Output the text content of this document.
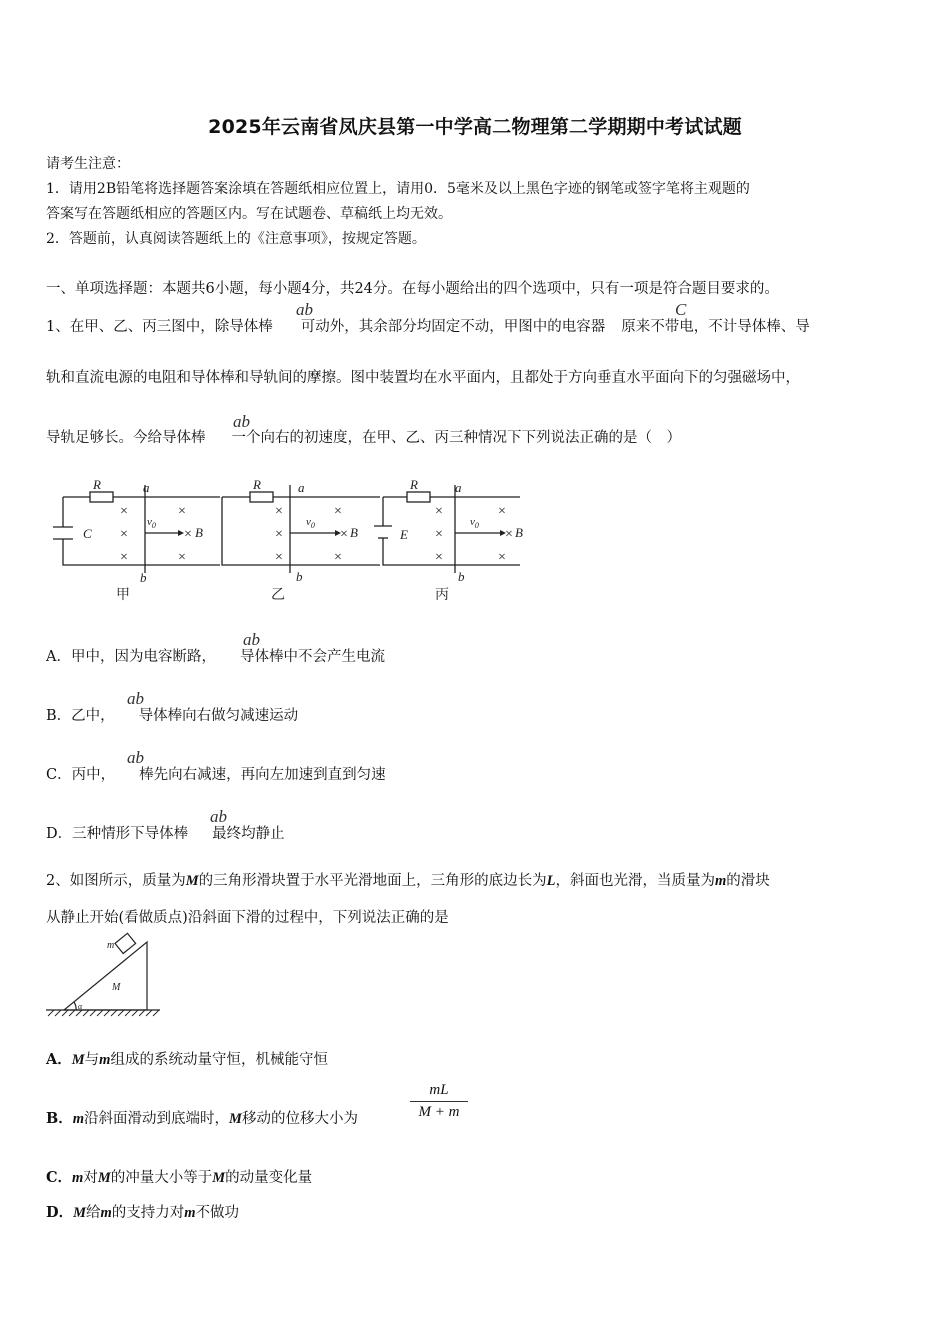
2025年云南省凤庆县第一中学高二物理第二学期期中考试试题
请考生注意：
1．请用2B铅笔将选择题答案涂填在答题纸相应位置上，请用0．5毫米及以上黑色字迹的钢笔或签字笔将主观题的
答案写在答题纸相应的答题区内。写在试题卷、草稿纸上均无效。
2．答题前，认真阅读答题纸上的《注意事项》，按规定答题。
一、单项选择题：本题共6小题，每小题4分，共24分。在每小题给出的四个选项中，只有一项是符合题目要求的。
1、在甲、乙、丙三图中，除导体棒 可动外，其余部分均固定不动，甲图中的电容器 原来不带电，不计导体棒、导
ab	C
轨和直流电源的电阻和导体棒和导轨间的摩擦。图中装置均在水平面内，且都处于方向垂直水平面向下的匀强磁场中，
导轨足够长。今给导体棒 一个向右的初速度，在甲、乙、丙三种情况下下列说法正确的是（　）
ab
R	R	R
a	a	a
b	b	b
C	E
B	B	B
$v_0$	$v_0$	$v_0$
×
×
×
×
×
×
×
×
×
×
×
×
×
×
×
×
×
×
甲	乙	丙
ab
A．甲中，因为电容断路， 导体棒中不会产生电流
B．乙中， 导体棒向右做匀减速运动
ab
C．丙中， 棒先向右减速，再向左加速到直到匀速
ab
D．三种情形下导体棒 最终均静止
ab
2、如图所示，质量为M的三角形滑块置于水平光滑地面上，三角形的底边长为L，斜面也光滑，当质量为m的滑块
从静止开始(看做质点)沿斜面下滑的过程中，下列说法正确的是
m
M
α
A．M与m组成的系统动量守恒，机械能守恒
B．m沿斜面滑动到底端时，M移动的位移大小为	$\frac{mL}{M + m}$
C．m对M的冲量大小等于M的动量变化量
D．M给m的支持力对m不做功
